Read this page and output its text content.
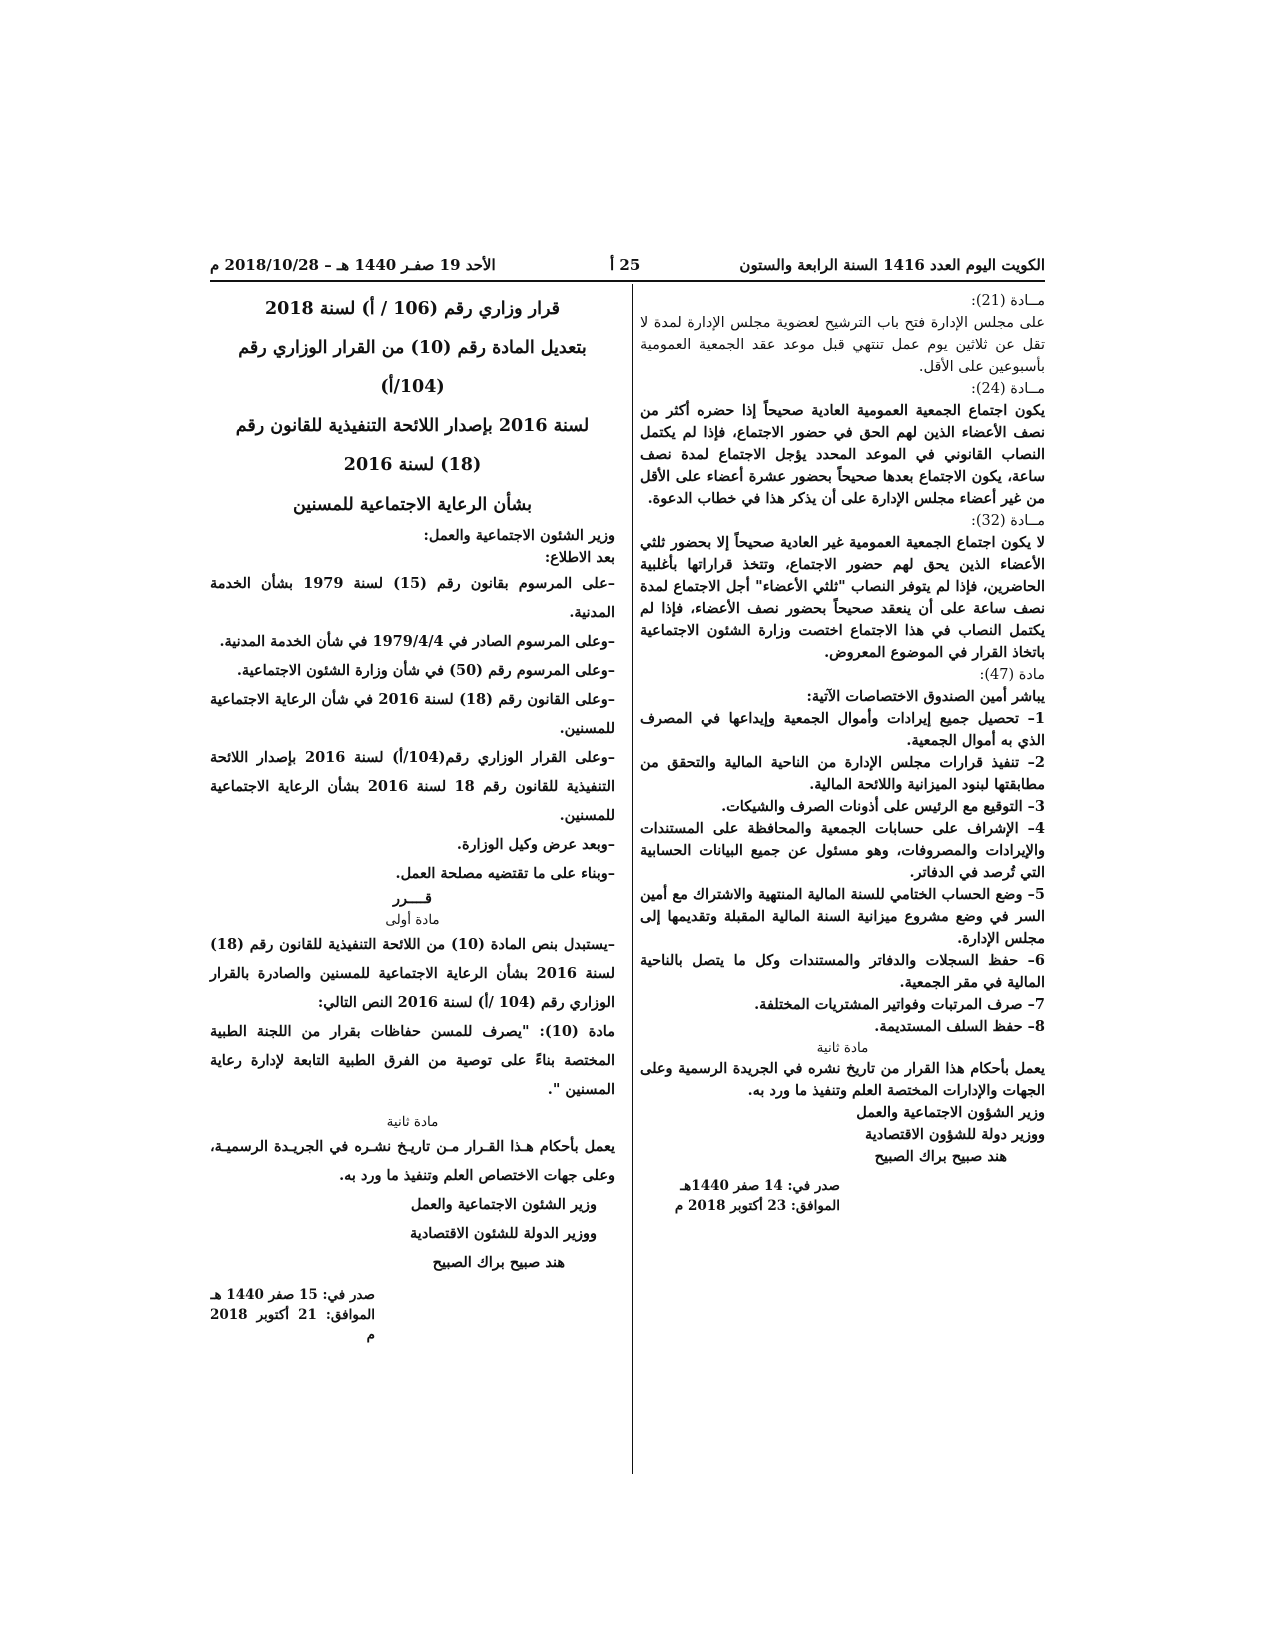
الكويت اليوم العدد 1416 السنة الرابعة والستون
25 أ
الأحد 19 صفـر 1440 هـ – 2018/10/28 م

مــادة (21):

على مجلس الإدارة فتح باب الترشيح لعضوية مجلس الإدارة لمدة لا تقل عن ثلاثين يوم عمل تنتهي قبل موعد عقد الجمعية العمومية بأسبوعين على الأقل.

مــادة (24):

يكون اجتماع الجمعية العمومية العادية صحيحاً إذا حضره أكثر من نصف الأعضاء الذين لهم الحق في حضور الاجتماع، فإذا لم يكتمل النصاب القانوني في الموعد المحدد يؤجل الاجتماع لمدة نصف ساعة، يكون الاجتماع بعدها صحيحاً بحضور عشرة أعضاء على الأقل من غير أعضاء مجلس الإدارة على أن يذكر هذا في خطاب الدعوة.

مــادة (32):

لا يكون اجتماع الجمعية العمومية غير العادية صحيحاً إلا بحضور ثلثي الأعضاء الذين يحق لهم حضور الاجتماع، وتتخذ قراراتها بأغلبية الحاضرين، فإذا لم يتوفر النصاب "ثلثي الأعضاء" أجل الاجتماع لمدة نصف ساعة على أن ينعقد صحيحاً بحضور نصف الأعضاء، فإذا لم يكتمل النصاب في هذا الاجتماع اختصت وزارة الشئون الاجتماعية باتخاذ القرار في الموضوع المعروض.

مادة (47):

يباشر أمين الصندوق الاختصاصات الآتية:

1– تحصيل جميع إيرادات وأموال الجمعية وإيداعها في المصرف الذي به أموال الجمعية.

2– تنفيذ قرارات مجلس الإدارة من الناحية المالية والتحقق من مطابقتها لبنود الميزانية واللائحة المالية.

3– التوقيع مع الرئيس على أذونات الصرف والشيكات.

4– الإشراف على حسابات الجمعية والمحافظة على المستندات والإيرادات والمصروفات، وهو مسئول عن جميع البيانات الحسابية التي تُرصد في الدفاتر.

5– وضع الحساب الختامي للسنة المالية المنتهية والاشتراك مع أمين السر في وضع مشروع ميزانية السنة المالية المقبلة وتقديمها إلى مجلس الإدارة.

6– حفظ السجلات والدفاتر والمستندات وكل ما يتصل بالناحية المالية في مقر الجمعية.

7– صرف المرتبات وفواتير المشتريات المختلفة.

8– حفظ السلف المستديمة.

مادة ثانية

يعمل بأحكام هذا القرار من تاريخ نشره في الجريدة الرسمية وعلى الجهات والإدارات المختصة العلم وتنفيذ ما ورد به.

وزير الشؤون الاجتماعية والعمل

ووزير دولة للشؤون الاقتصادية

هند صبيح براك الصبيح

صدر في: 14 صفر 1440هـ

الموافق: 23 أكتوبر 2018 م

قرار وزاري رقم (106 / أ) لسنة 2018

بتعديل المادة رقم (10) من القرار الوزاري رقم (104/أ)

لسنة 2016 بإصدار اللائحة التنفيذية للقانون رقم

(18) لسنة 2016

بشأن الرعاية الاجتماعية للمسنين

وزير الشئون الاجتماعية والعمل:

بعد الاطلاع:

–على المرسوم بقانون رقم (15) لسنة 1979 بشأن الخدمة المدنية.

–وعلى المرسوم الصادر في 1979/4/4 في شأن الخدمة المدنية.

–وعلى المرسوم رقم (50) في شأن وزارة الشئون الاجتماعية.

–وعلى القانون رقم (18) لسنة 2016 في شأن الرعاية الاجتماعية للمسنين.

–وعلى القرار الوزاري رقم(104/أ) لسنة 2016 بإصدار اللائحة التنفيذية للقانون رقم 18 لسنة 2016 بشأن الرعاية الاجتماعية للمسنين.

–وبعد عرض وكيل الوزارة.

–وبناء على ما تقتضيه مصلحة العمل.

قــــرر

مادة أولى

–يستبدل بنص المادة (10) من اللائحة التنفيذية للقانون رقم (18) لسنة 2016 بشأن الرعاية الاجتماعية للمسنين والصادرة بالقرار الوزاري رقم (104 /أ) لسنة 2016 النص التالي:

مادة (10): "يصرف للمسن حفاظات بقرار من اللجنة الطبية المختصة بناءً على توصية من الفرق الطبية التابعة لإدارة رعاية المسنين ".

مادة ثانية

يعمل بأحكام هـذا القـرار مـن تاريـخ نشـره في الجريـدة الرسميـة، وعلى جهات الاختصاص العلم وتنفيذ ما ورد به.

وزير الشئون الاجتماعية والعمل

ووزير الدولة للشئون الاقتصادية

هند صبيح براك الصبيح

صدر في: 15 صفر 1440 هـ

الموافق: 21 أكتوبر 2018 م
